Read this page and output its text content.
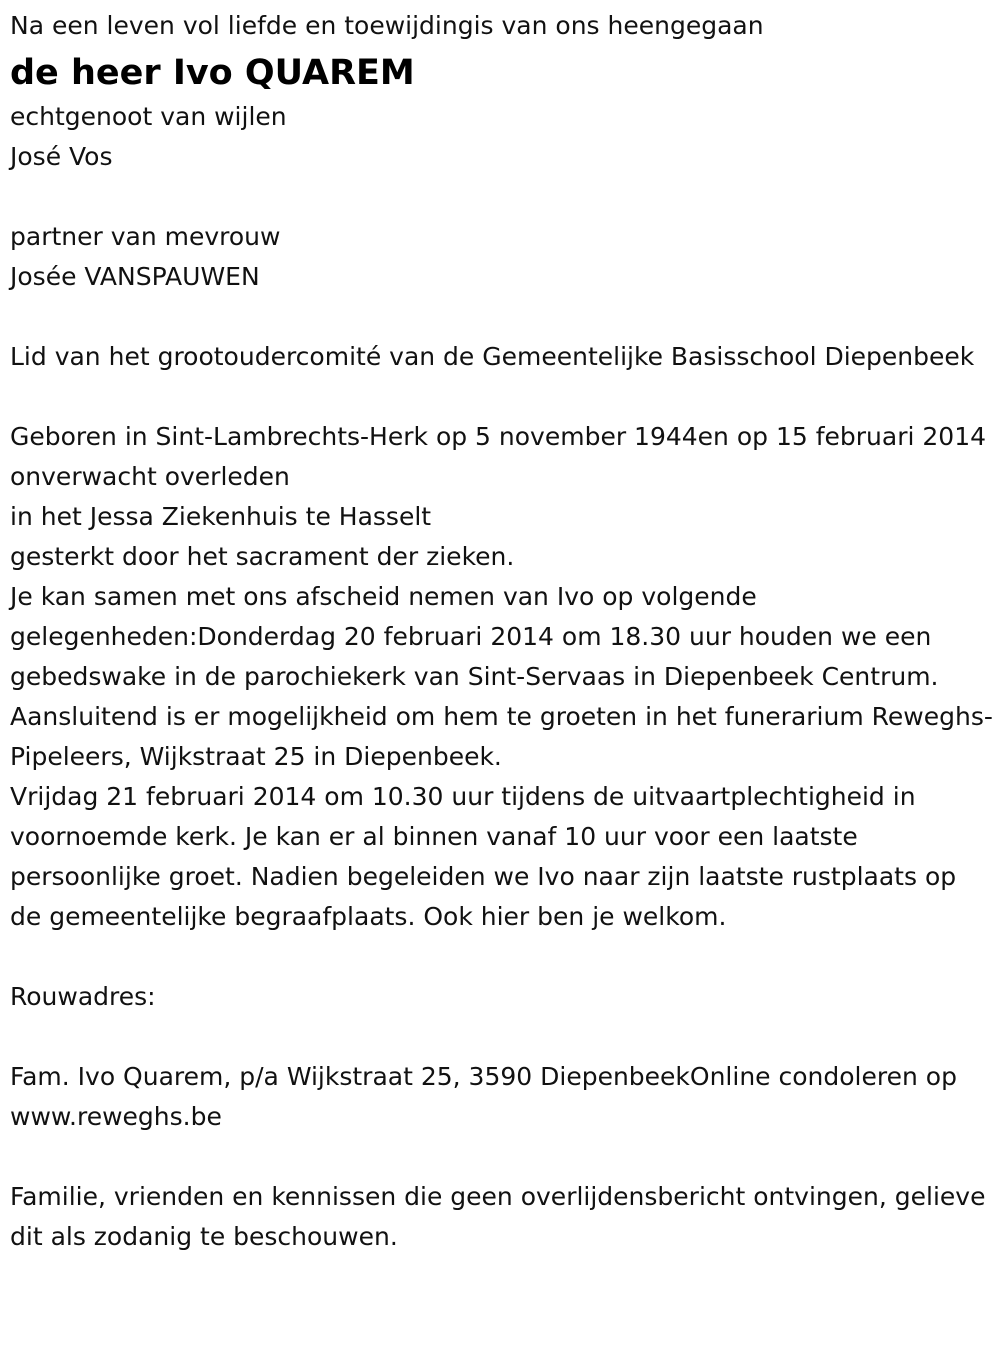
Na een leven vol liefde en toewijdingis van ons heengegaan

de heer Ivo QUAREM

echtgenoot van wijlen

José Vos

partner van mevrouw

Josée VANSPAUWEN

Lid van het grootoudercomité van de Gemeentelijke Basisschool Diepenbeek

Geboren in Sint-Lambrechts-Herk op 5 november 1944en op 15 februari 2014 onverwacht overleden

in het Jessa Ziekenhuis te Hasselt

gesterkt door het sacrament der zieken.

Je kan samen met ons afscheid nemen van Ivo op volgende gelegenheden:Donderdag 20 februari 2014 om 18.30 uur houden we een gebedswake in de parochiekerk van Sint-Servaas in Diepenbeek Centrum. Aansluitend is er mogelijkheid om hem te groeten in het funerarium Reweghs-Pipeleers, Wijkstraat 25 in Diepenbeek.

Vrijdag 21 februari 2014 om 10.30 uur tijdens de uitvaartplechtigheid in voornoemde kerk. Je kan er al binnen vanaf 10 uur voor een laatste persoonlijke groet. Nadien begeleiden we Ivo naar zijn laatste rustplaats op de gemeentelijke begraafplaats. Ook hier ben je welkom.

Rouwadres:

Fam. Ivo Quarem, p/a Wijkstraat 25, 3590 DiepenbeekOnline condoleren op www.reweghs.be

Familie, vrienden en kennissen die geen overlijdensbericht ontvingen, gelieve dit als zodanig te beschouwen.
